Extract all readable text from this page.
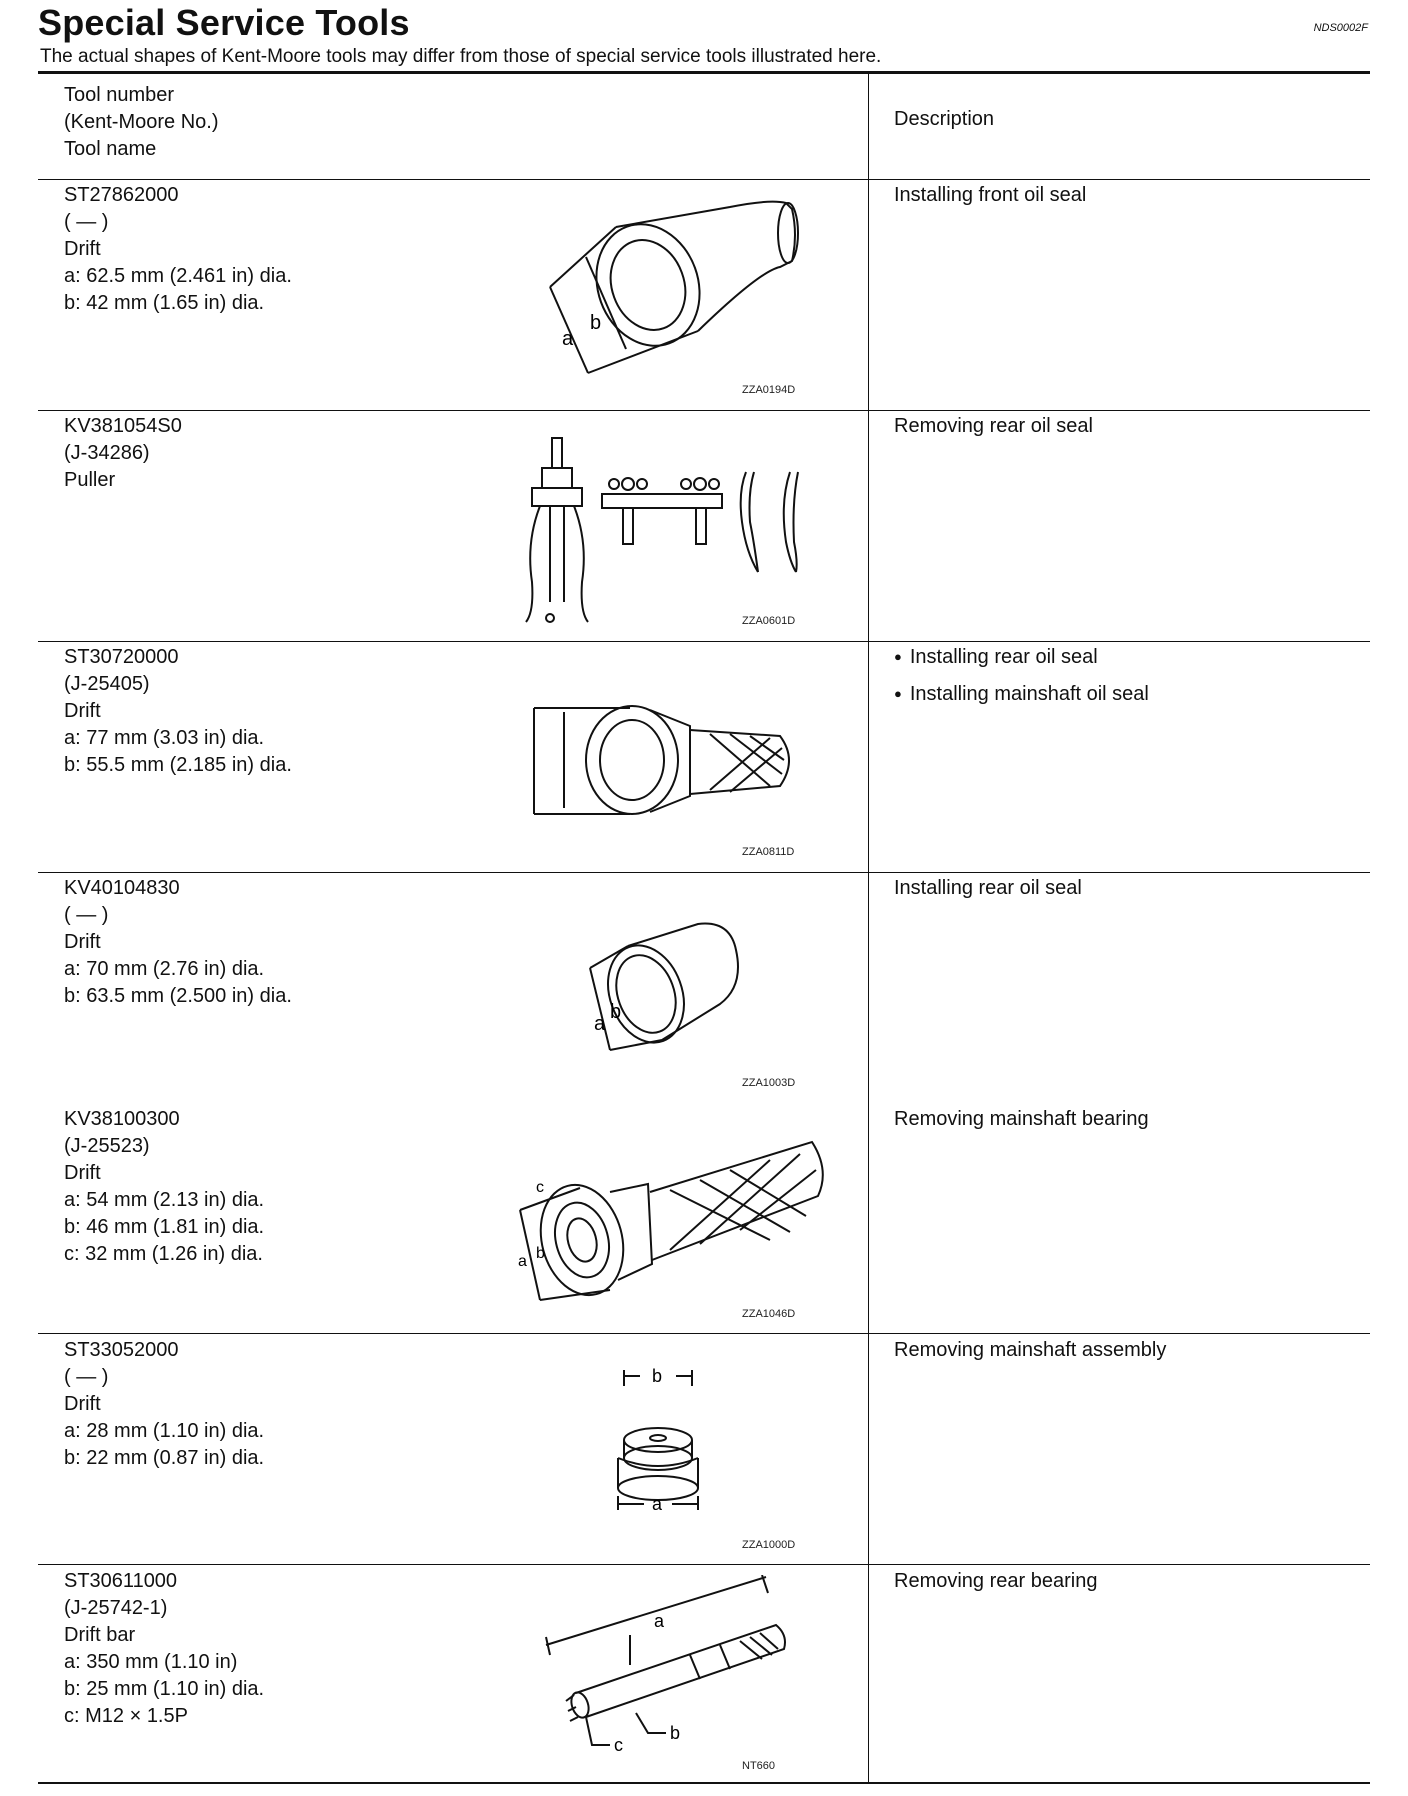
Special Service Tools	NDS0002F
The actual shapes of Kent-Moore tools may differ from those of special service tools illustrated here.
Tool number
(Kent-Moore No.)
Tool name
Description
ST27862000
( — )
Drift
a: 62.5 mm (2.461 in) dia.
b: 42 mm (1.65 in) dia.
Installing front oil seal
a
b
ZZA0194D
KV381054S0
(J-34286)
Puller
Removing rear oil seal
ZZA0601D
ST30720000
(J-25405)
Drift
a: 77 mm (3.03 in) dia.
b: 55.5 mm (2.185 in) dia.
● Installing rear oil seal
● Installing mainshaft oil seal
ZZA0811D
KV40104830
( — )
Drift
a: 70 mm (2.76 in) dia.
b: 63.5 mm (2.500 in) dia.
Installing rear oil seal
a
b
ZZA1003D
KV38100300
(J-25523)
Drift
a: 54 mm (2.13 in) dia.
b: 46 mm (1.81 in) dia.
c: 32 mm (1.26 in) dia.
Removing mainshaft bearing
a b
c
ZZA1046D
ST33052000
( — )
Drift
a: 28 mm (1.10 in) dia.
b: 22 mm (0.87 in) dia.
Removing mainshaft assembly
b
a
ZZA1000D
ST30611000
(J-25742-1)
Drift bar
a: 350 mm (1.10 in)
b: 25 mm (1.10 in) dia.
c: M12 × 1.5P
Removing rear bearing
a
b
c
NT660
